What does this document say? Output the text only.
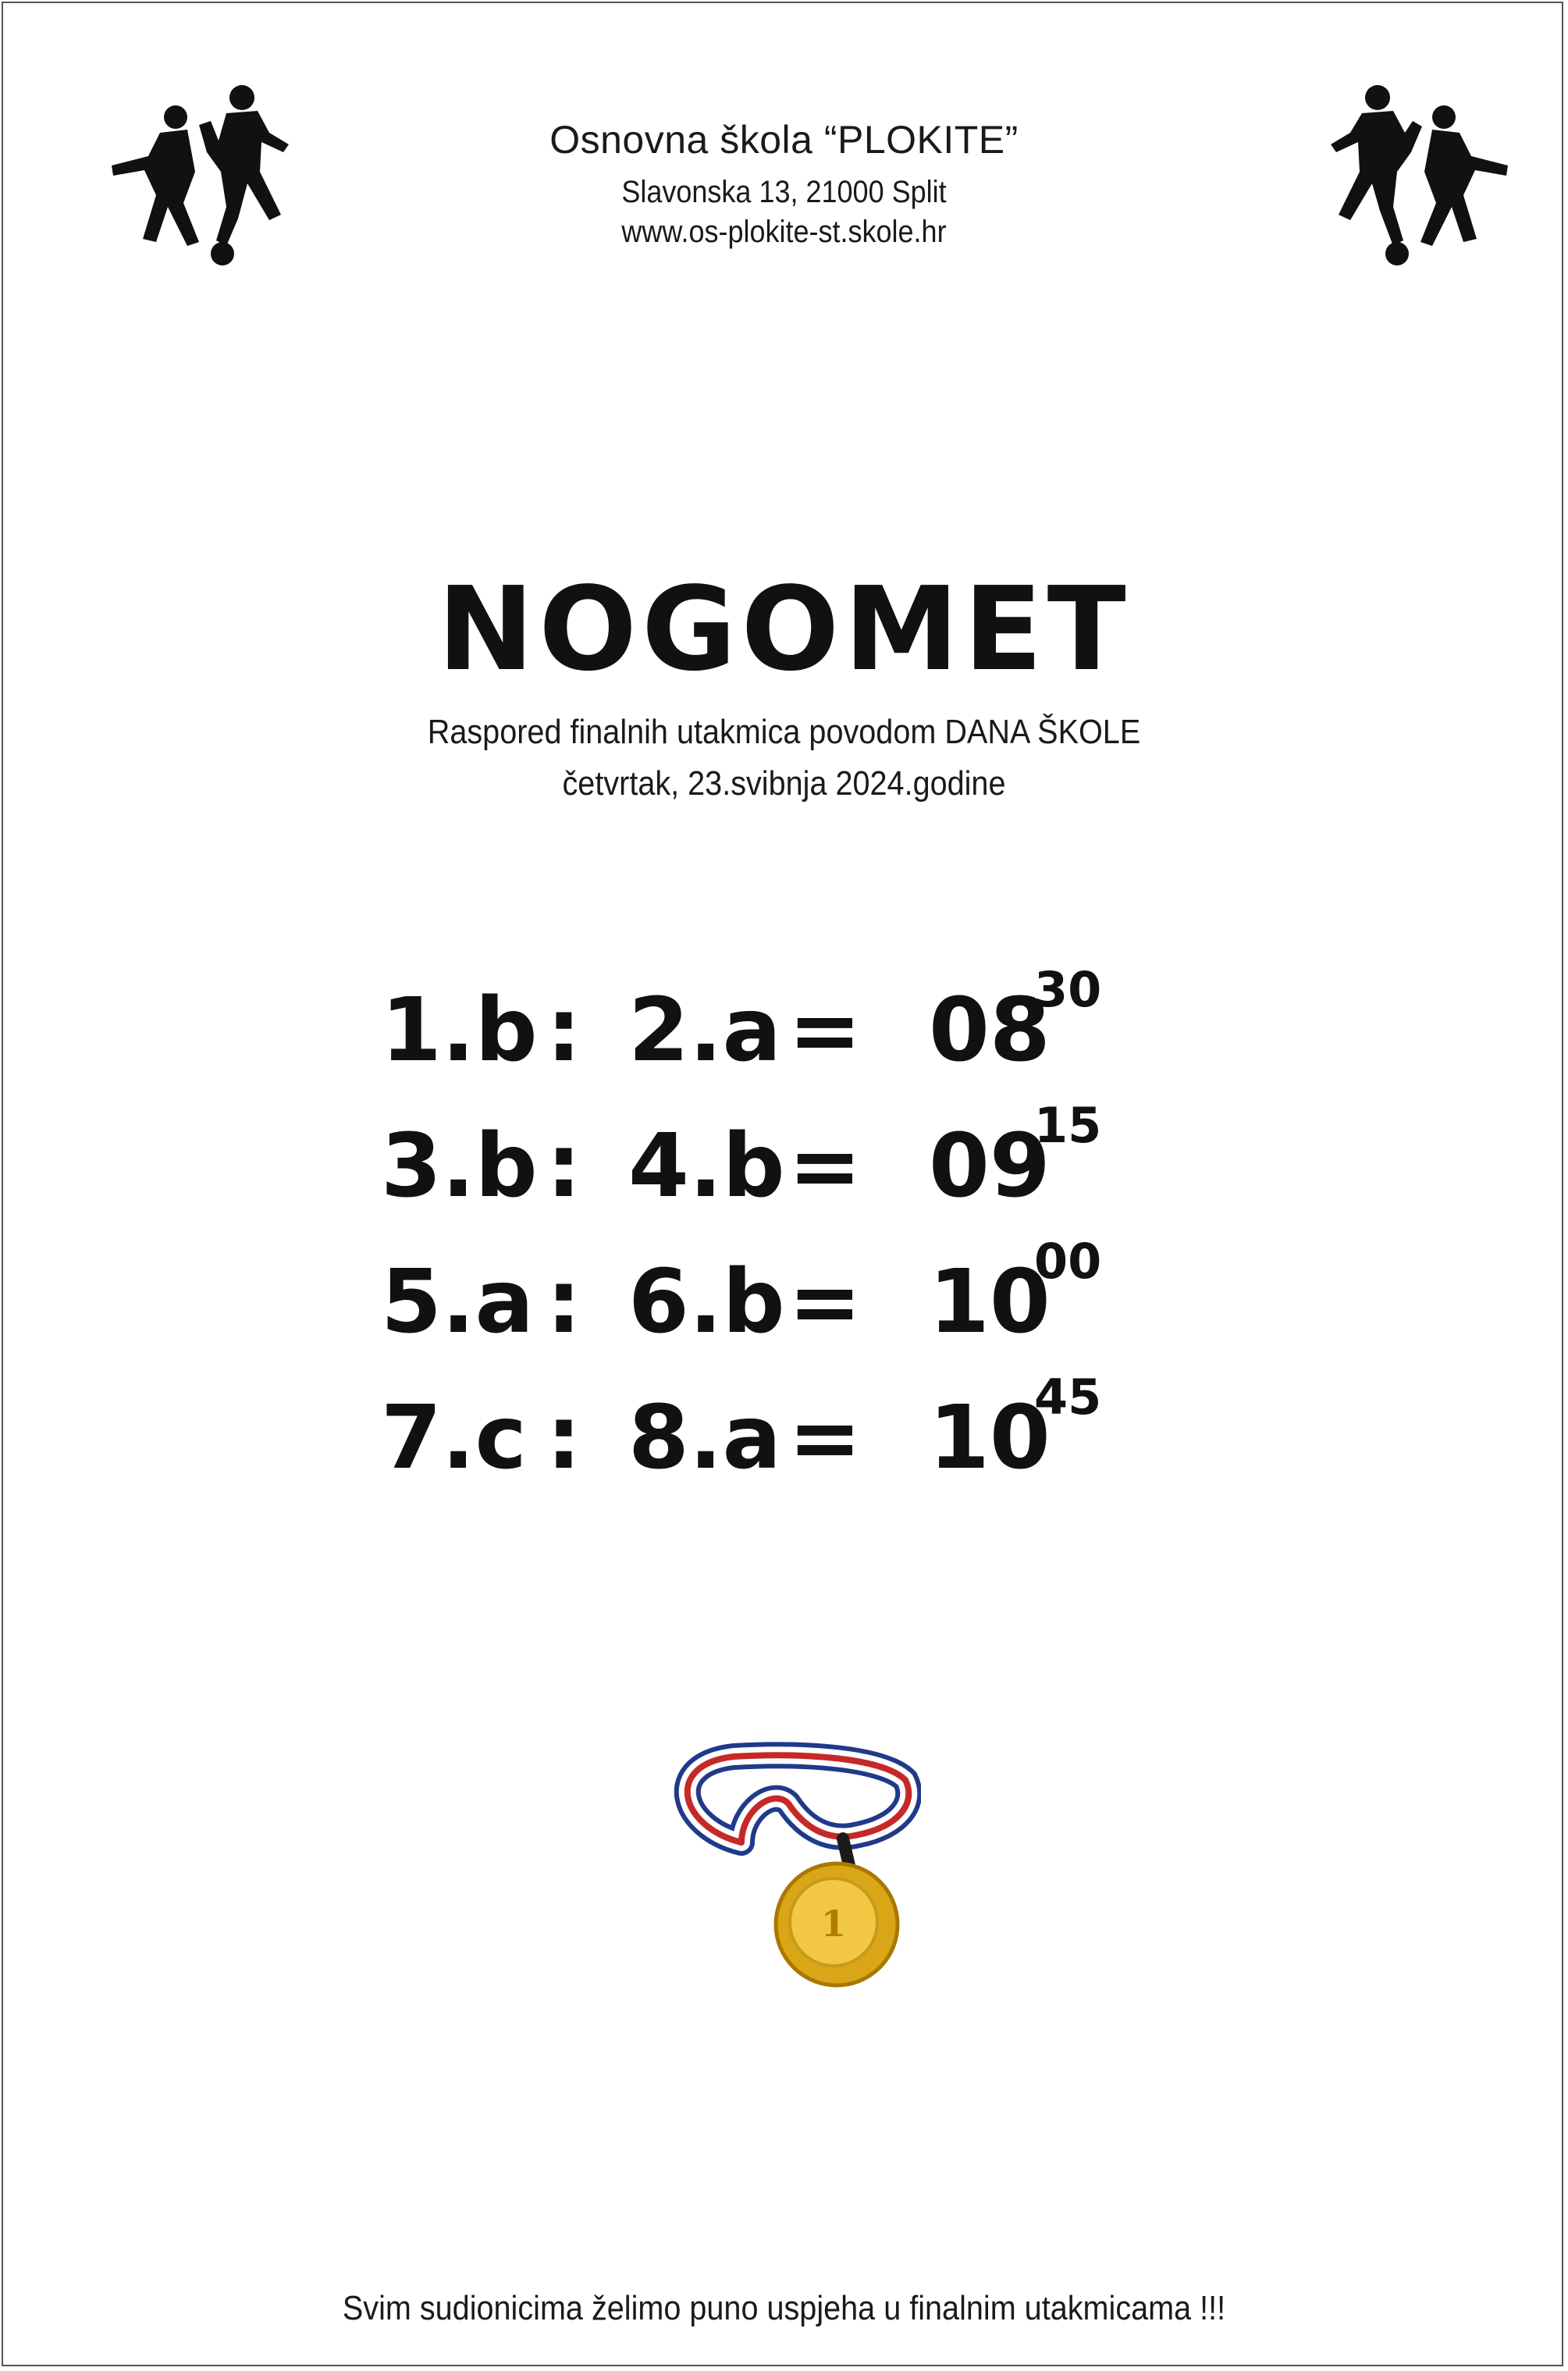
Osnovna škola “PLOKITE”
Slavonska 13, 21000 Split
www.os-plokite-st.skole.hr
NOGOMET
Raspored finalnih utakmica povodom DANA ŠKOLE
četvrtak, 23.svibnja 2024.godine
1.b : 2.a = 08
30
3.b : 4.b = 09
15
5.a : 6.b = 10
00
7.c : 8.a = 10
45
1
Svim sudionicima želimo puno uspjeha u finalnim utakmicama !!!
